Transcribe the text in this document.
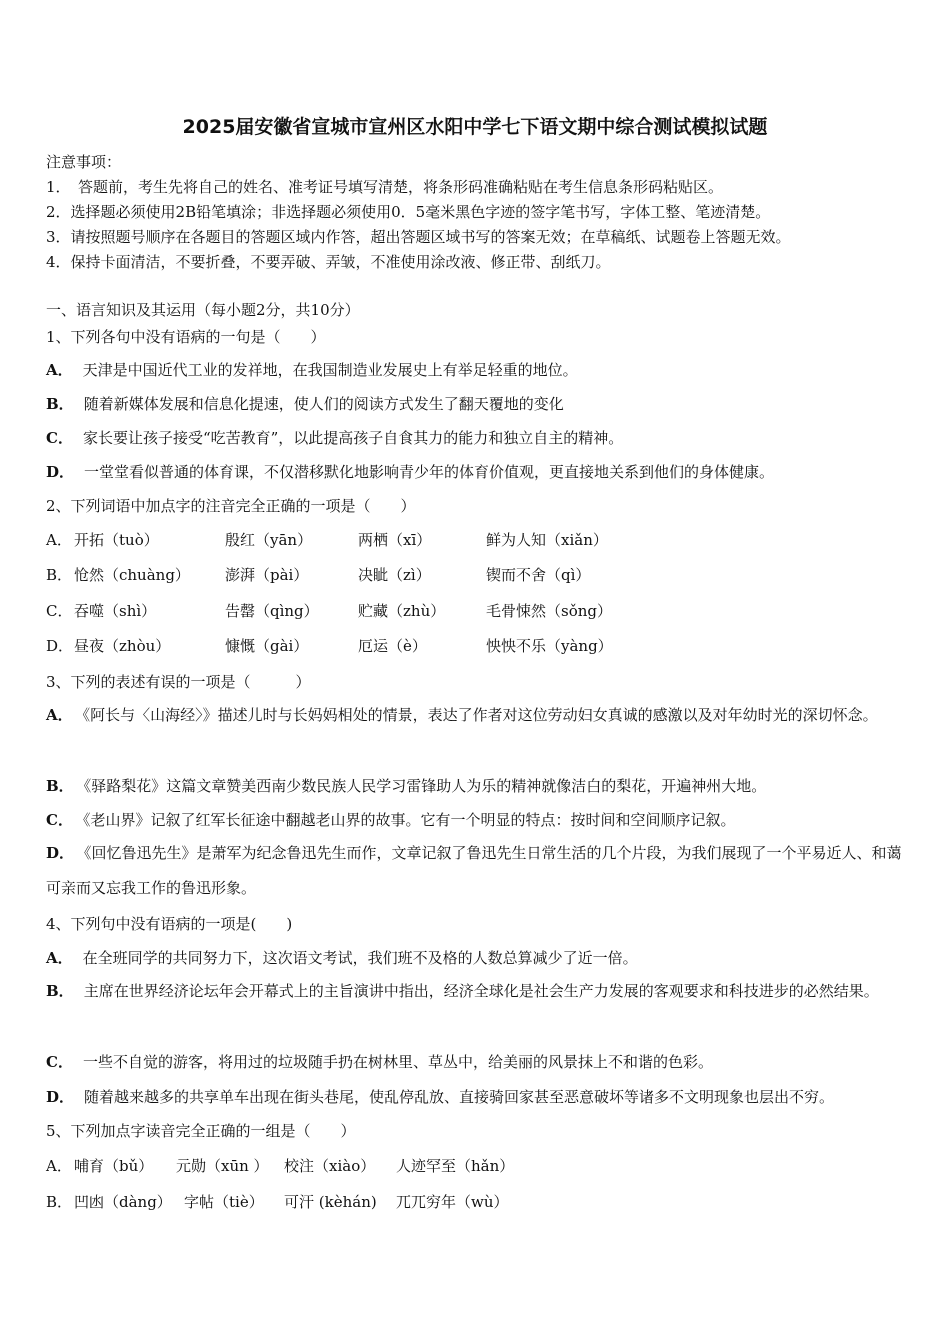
2025届安徽省宣城市宣州区水阳中学七下语文期中综合测试模拟试题
注意事项：
1．　答题前，考生先将自己的姓名、准考证号填写清楚，将条形码准确粘贴在考生信息条形码粘贴区。
2．选择题必须使用2B铅笔填涂；非选择题必须使用0．5毫米黑色字迹的签字笔书写，字体工整、笔迹清楚。
3．请按照题号顺序在各题目的答题区域内作答，超出答题区域书写的答案无效；在草稿纸、试题卷上答题无效。
4．保持卡面清洁，不要折叠，不要弄破、弄皱，不准使用涂改液、修正带、刮纸刀。
一、语言知识及其运用（每小题2分，共10分）
1、下列各句中没有语病的一句是（　　）
A． 天津是中国近代工业的发祥地，在我国制造业发展史上有举足轻重的地位。
B． 随着新媒体发展和信息化提速，使人们的阅读方式发生了翻天覆地的变化
C． 家长要让孩子接受“吃苦教育”，以此提高孩子自食其力的能力和独立自主的精神。
D． 一堂堂看似普通的体育课，不仅潜移默化地影响青少年的体育价值观，更直接地关系到他们的身体健康。
2、下列词语中加点字的注音完全正确的一项是（　　）
A． 开拓（tuò）	殷红（yān）	两栖（xī）	鲜为人知（xiǎn）
B． 怆然（chuàng） 澎湃（pài）	决眦（zì）	锲而不舍（qì）
C． 吞噬（shì）	告罄（qìng）	贮藏（zhù）	毛骨悚然（sǒng）
D． 昼夜（zhòu）	慷慨（gài）	厄运（è）	怏怏不乐（yàng）
3、下列的表述有误的一项是（　　　）
A． 《阿长与〈山海经〉》描述儿时与长妈妈相处的情景，表达了作者对这位劳动妇女真诚的感激以及对年幼时光的深切怀念。
B． 《驿路梨花》这篇文章赞美西南少数民族人民学习雷锋助人为乐的精神就像洁白的梨花，开遍神州大地。
C． 《老山界》记叙了红军长征途中翻越老山界的故事。它有一个明显的特点：按时间和空间顺序记叙。
D． 《回忆鲁迅先生》是萧军为纪念鲁迅先生而作，文章记叙了鲁迅先生日常生活的几个片段，为我们展现了一个平易近人、和蔼可亲而又忘我工作的鲁迅形象。
4、下列句中没有语病的一项是(　　)
A． 在全班同学的共同努力下，这次语文考试，我们班不及格的人数总算减少了近一倍。
B． 主席在世界经济论坛年会开幕式上的主旨演讲中指出，经济全球化是社会生产力发展的客观要求和科技进步的必然结果。
C． 一些不自觉的游客，将用过的垃圾随手扔在树林里、草丛中，给美丽的风景抹上不和谐的色彩。
D． 随着越来越多的共享单车出现在街头巷尾，使乱停乱放、直接骑回家甚至恶意破坏等诸多不文明现象也层出不穷。
5、下列加点字读音完全正确的一组是（　　）
A． 哺育（bǔ） 元勋（xūn ） 校注（xiào） 人迹罕至（hǎn）
B． 凹凼（dàng） 字帖（tiè） 可汗 (kèhán) 兀兀穷年（wù）
